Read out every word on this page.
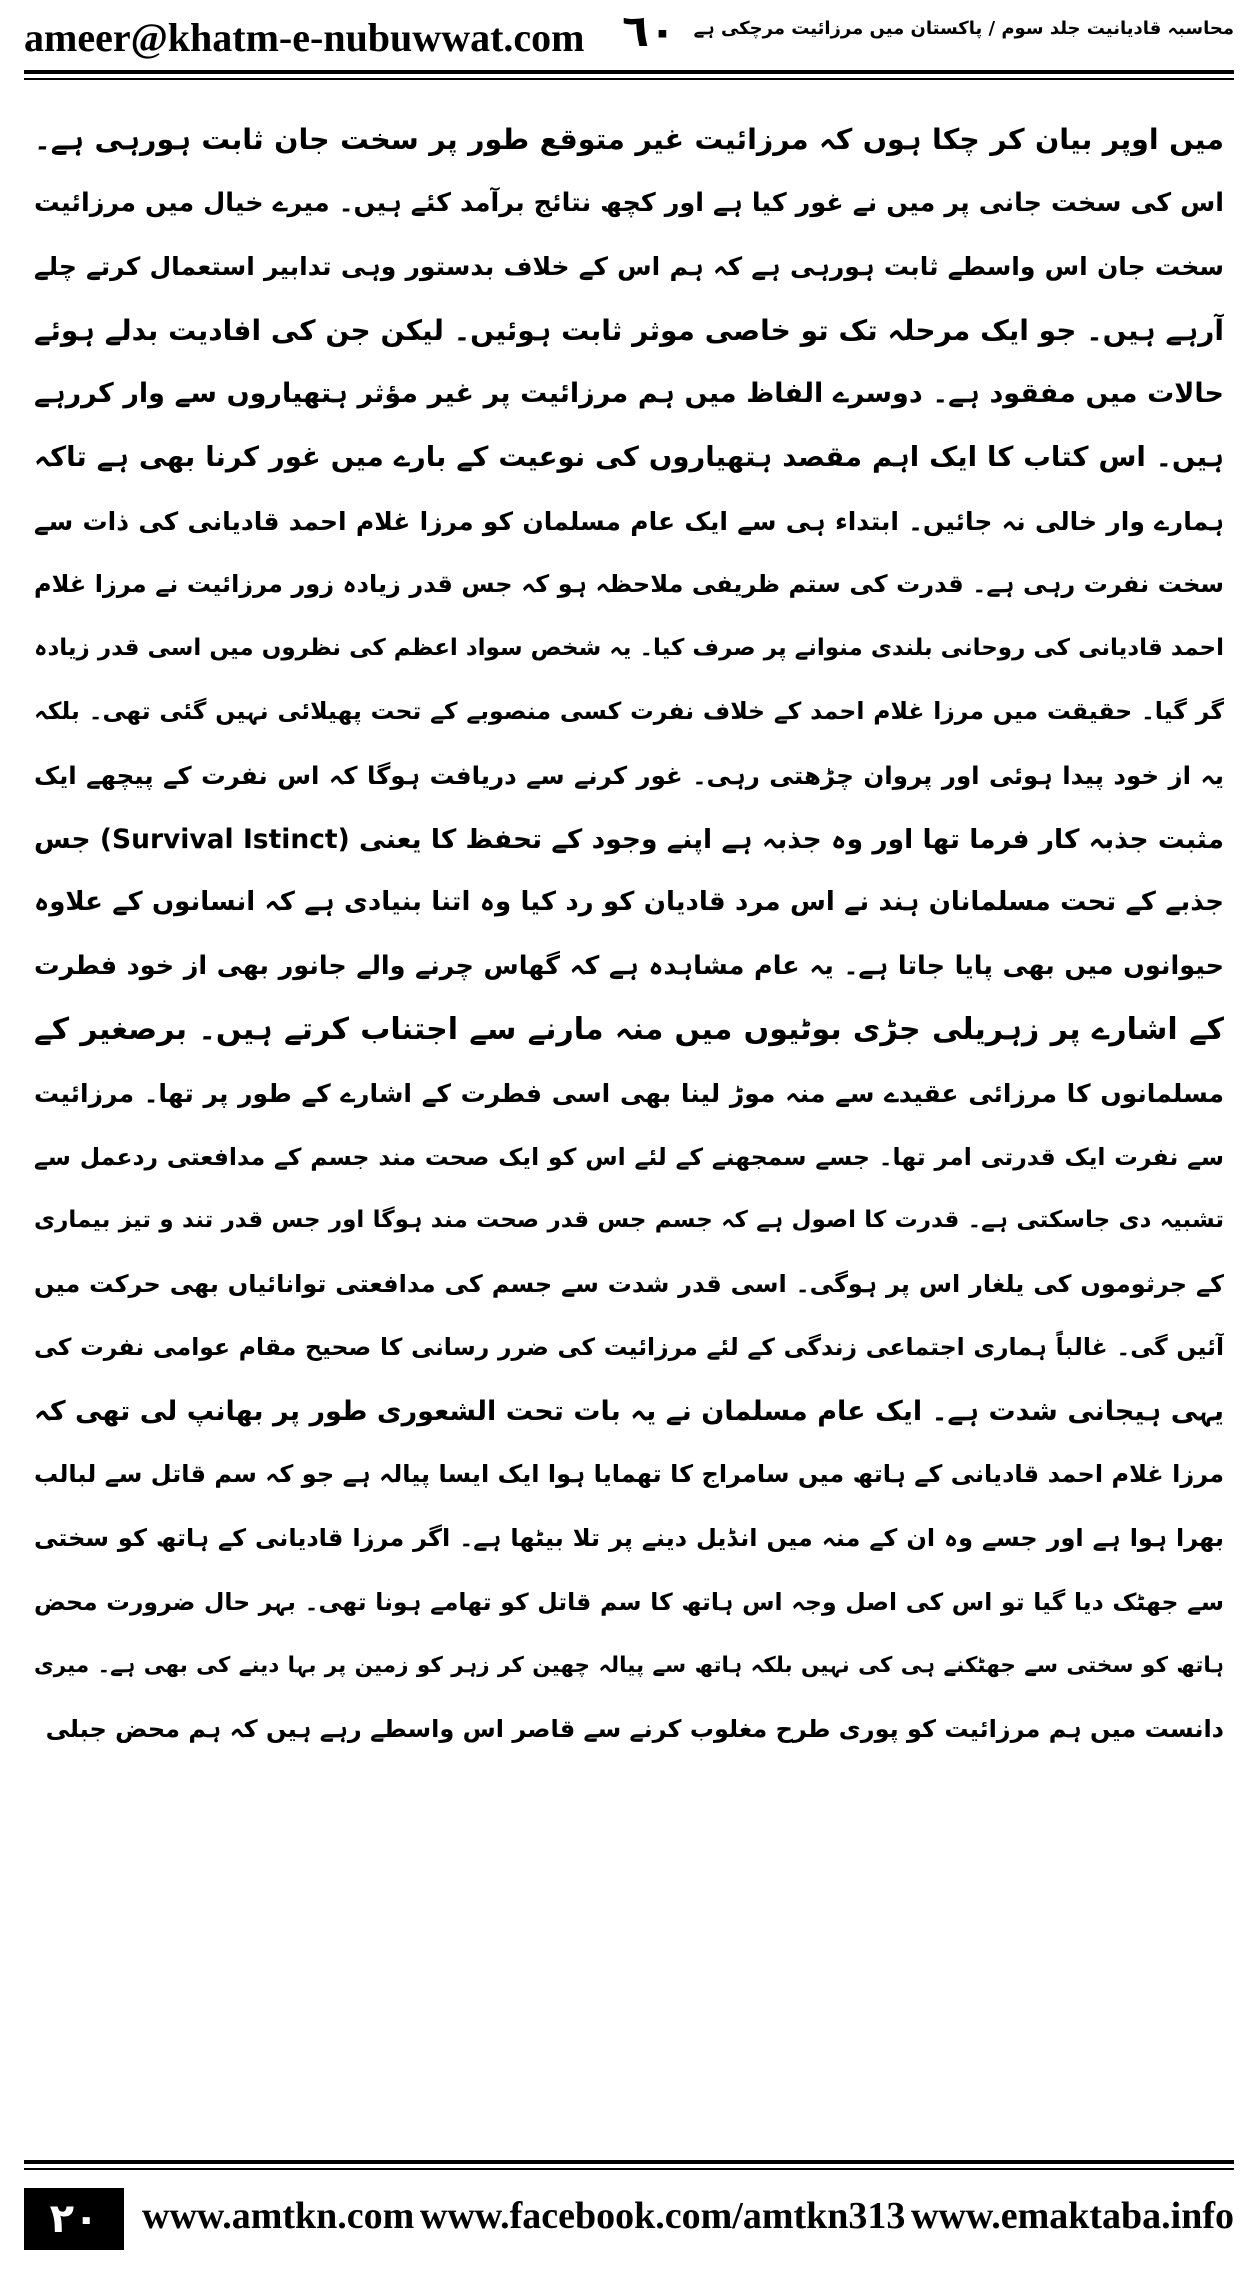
ameer@khatm-e-nubuwwat.com ٦٠ محاسبہ قادیانیت جلد سوم / پاکستان میں مرزائیت مرچکی ہے
میں اوپر بیان کر چکا ہوں کہ مرزائیت غیر متوقع طور پر سخت جان ثابت ہورہی ہے۔
اس کی سخت جانی پر میں نے غور کیا ہے اور کچھ نتائج برآمد کئے ہیں۔ میرے خیال میں مرزائیت
سخت جان اس واسطے ثابت ہورہی ہے کہ ہم اس کے خلاف بدستور وہی تدابیر استعمال کرتے چلے
آرہے ہیں۔ جو ایک مرحلہ تک تو خاصی موثر ثابت ہوئیں۔ لیکن جن کی افادیت بدلے ہوئے
حالات میں مفقود ہے۔ دوسرے الفاظ میں ہم مرزائیت پر غیر مؤثر ہتھیاروں سے وار کررہے
ہیں۔ اس کتاب کا ایک اہم مقصد ہتھیاروں کی نوعیت کے بارے میں غور کرنا بھی ہے تاکہ
ہمارے وار خالی نہ جائیں۔ ابتداء ہی سے ایک عام مسلمان کو مرزا غلام احمد قادیانی کی ذات سے
سخت نفرت رہی ہے۔ قدرت کی ستم ظریفی ملاحظہ ہو کہ جس قدر زیادہ زور مرزائیت نے مرزا غلام
احمد قادیانی کی روحانی بلندی منوانے پر صرف کیا۔ یہ شخص سواد اعظم کی نظروں میں اسی قدر زیادہ
گر گیا۔ حقیقت میں مرزا غلام احمد کے خلاف نفرت کسی منصوبے کے تحت پھیلائی نہیں گئی تھی۔ بلکہ
یہ از خود پیدا ہوئی اور پروان چڑھتی رہی۔ غور کرنے سے دریافت ہوگا کہ اس نفرت کے پیچھے ایک
مثبت جذبہ کار فرما تھا اور وہ جذبہ ہے اپنے وجود کے تحفظ کا یعنی (Survival Istinct) جس
جذبے کے تحت مسلمانان ہند نے اس مرد قادیان کو رد کیا وہ اتنا بنیادی ہے کہ انسانوں کے علاوہ
حیوانوں میں بھی پایا جاتا ہے۔ یہ عام مشاہدہ ہے کہ گھاس چرنے والے جانور بھی از خود فطرت
کے اشارے پر زہریلی جڑی بوٹیوں میں منہ مارنے سے اجتناب کرتے ہیں۔ برصغیر کے
مسلمانوں کا مرزائی عقیدے سے منہ موڑ لینا بھی اسی فطرت کے اشارے کے طور پر تھا۔ مرزائیت
سے نفرت ایک قدرتی امر تھا۔ جسے سمجھنے کے لئے اس کو ایک صحت مند جسم کے مدافعتی ردعمل سے
تشبیہ دی جاسکتی ہے۔ قدرت کا اصول ہے کہ جسم جس قدر صحت مند ہوگا اور جس قدر تند و تیز بیماری
کے جرثوموں کی یلغار اس پر ہوگی۔ اسی قدر شدت سے جسم کی مدافعتی توانائیاں بھی حرکت میں
آئیں گی۔ غالباً ہماری اجتماعی زندگی کے لئے مرزائیت کی ضرر رسانی کا صحیح مقام عوامی نفرت کی
یہی ہیجانی شدت ہے۔ ایک عام مسلمان نے یہ بات تحت الشعوری طور پر بھانپ لی تھی کہ
مرزا غلام احمد قادیانی کے ہاتھ میں سامراج کا تھمایا ہوا ایک ایسا پیالہ ہے جو کہ سم قاتل سے لبالب
بھرا ہوا ہے اور جسے وہ ان کے منہ میں انڈیل دینے پر تلا بیٹھا ہے۔ اگر مرزا قادیانی کے ہاتھ کو سختی
سے جھٹک دیا گیا تو اس کی اصل وجہ اس ہاتھ کا سم قاتل کو تھامے ہونا تھی۔ بہر حال ضرورت محض
ہاتھ کو سختی سے جھٹکنے ہی کی نہیں بلکہ ہاتھ سے پیالہ چھین کر زہر کو زمین پر بہا دینے کی بھی ہے۔ میری
دانست میں ہم مرزائیت کو پوری طرح مغلوب کرنے سے قاصر اس واسطے رہے ہیں کہ ہم محض جبلی
۲۰	www.amtkn.com www.facebook.com/amtkn313 www.emaktaba.info
